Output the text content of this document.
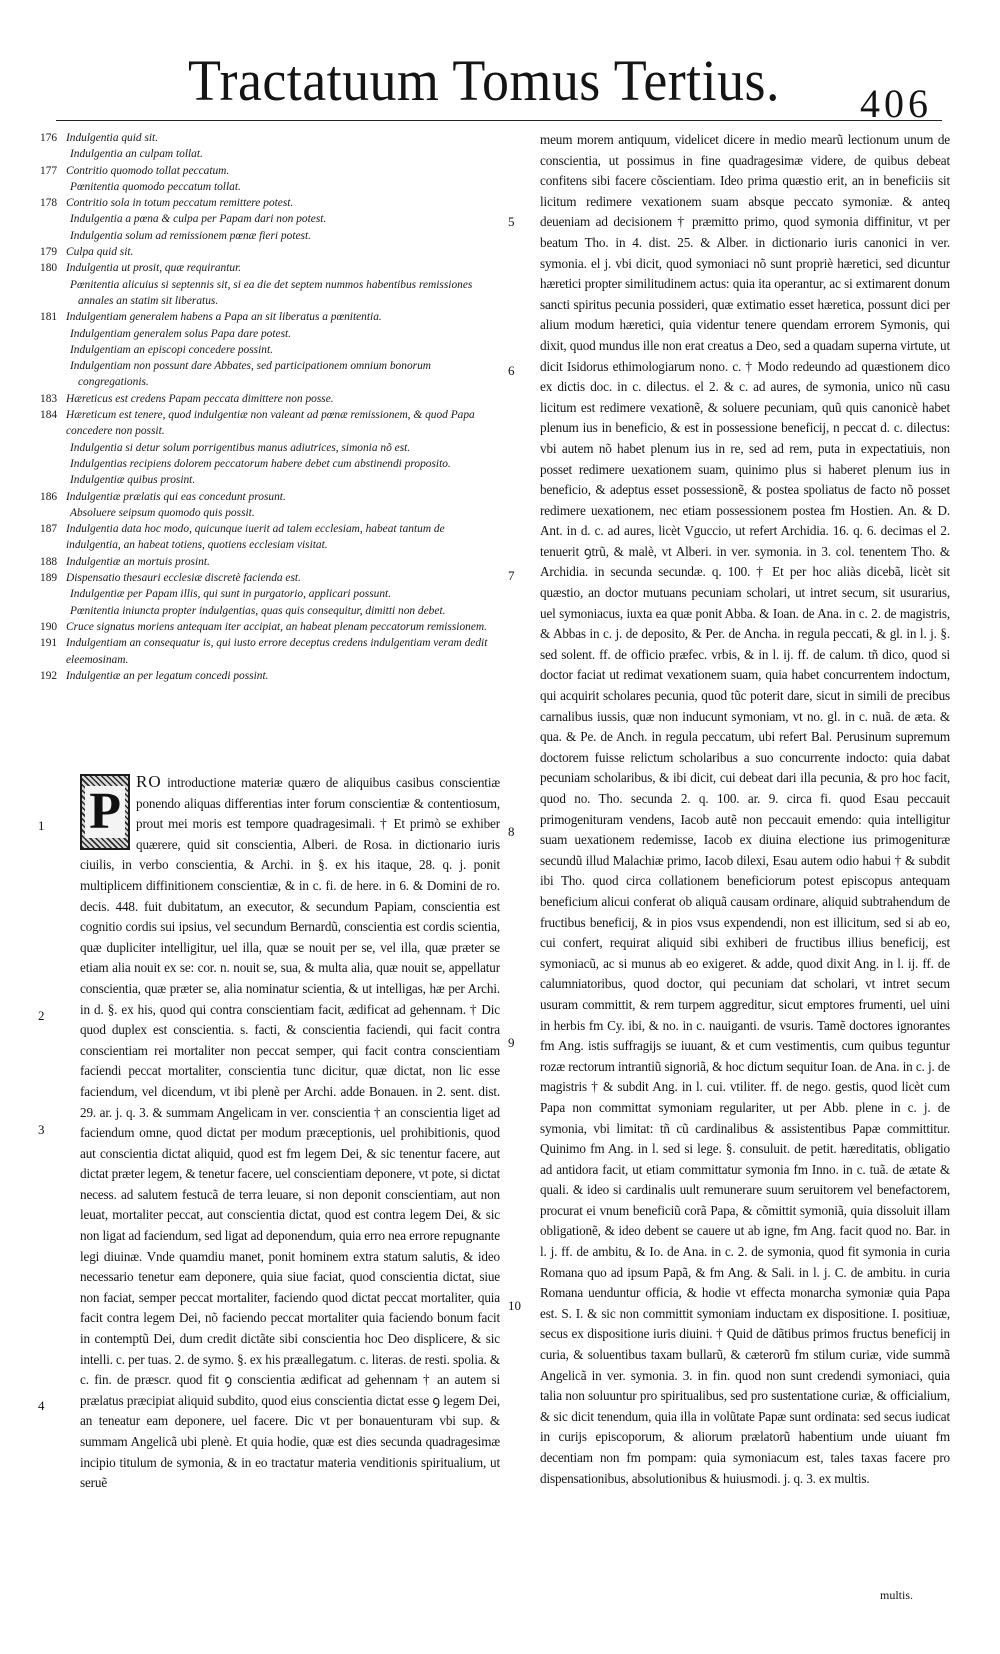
Tractatuum Tomus Tertius. 406
176 Indulgentia quid sit.
Indulgentia an culpam tollat.
177 Contritio quomodo tollat peccatum.
Pœnitentia quomodo peccatum tollat.
178 Contritio sola in totum peccatum remittere potest.
Indulgentia a pœna & culpa per Papam dari non potest.
Indulgentia solum ad remissionem pœnæ fieri potest.
179 Culpa quid sit.
180 Indulgentia ut prosit, quæ requirantur.
Pœnitentia alicuius si septennis sit, si ea die det septem nummos habentibus remissiones annales an statim sit liberatus.
181 Indulgentiam generalem habens a Papa an sit liberatus a pœnitentia.
Indulgentiam generalem solus Papa dare potest.
Indulgentiam an episcopi concedere possint.
Indulgentiam non possunt dare Abbates, sed participationem omnium bonorum congregationis.
183 Hæreticus est credens Papam peccata dimittere non posse.
184 Hæreticum est tenere, quod indulgentiæ non valeant ad pœnæ remissionem, & quod Papa concedere non possit.
Indulgentia si detur solum porrigentibus manus adiutrices, simonia nõ est.
Indulgentias recipiens dolorem peccatorum habere debet cum abstinendi proposito.
Indulgentiæ quibus prosint.
186 Indulgentiæ prælatis qui eas concedunt prosunt.
Absoluere seipsum quomodo quis possit.
187 Indulgentia data hoc modo, quicunque iuerit ad talem ecclesiam, habeat tantum de indulgentia, an habeat totiens, quotiens ecclesiam visitat.
188 Indulgentiæ an mortuis prosint.
189 Dispensatio thesauri ecclesiæ discretè facienda est.
Indulgentiæ per Papam illis, qui sunt in purgatorio, applicari possunt.
Pœnitentia iniuncta propter indulgentias, quas quis consequitur, dimitti non debet.
190 Cruce signatus moriens antequam iter accipiat, an habeat plenam peccatorum remissionem.
191 Indulgentiam an consequatur is, qui iusto errore deceptus credens indulgentiam veram dedit eleemosinam.
192 Indulgentiæ an per legatum concedi possint.

P
RO introductione materiæ quæro de aliquibus casibus conscientiæ ponendo aliquas differentias inter forum conscientiæ & contentiosum, prout mei moris est tempore quadragesimali. † Et primò se exhiber quærere, quid sit conscientia, Alberi. de Rosa. in dictionario iuris ciuilis, in verbo conscientia, & Archi. in §. ex his itaque, 28. q. j. ponit multiplicem diffinitionem conscientiæ, & in c. fi. de here. in 6. & Domini de ro. decis. 448. fuit dubitatum, an executor, & secundum Papiam, conscientia est cognitio cordis sui ipsius, vel secundum Bernardũ, conscientia est cordis scientia, quæ dupliciter intelligitur, uel illa, quæ se nouit per se, vel illa, quæ præter se etiam alia nouit ex se: cor. n. nouit se, sua, & multa alia, quæ nouit se, appellatur conscientia, quæ præter se, alia nominatur scientia, & ut intelligas, hæ per Archi. in d. §. ex his, quod qui contra conscientiam facit, ædificat ad gehennam. † Dic quod duplex est conscientia. s. facti, & conscientia faciendi, qui facit contra conscientiam rei mortaliter non peccat semper, qui facit contra conscientiam faciendi peccat mortaliter, conscientia tunc dicitur, quæ dictat, non lic esse faciendum, vel dicendum, vt ibi plenè per Archi. adde Bonauen. in 2. sent. dist. 29. ar. j. q. 3. & summam Angelicam in ver. conscientia † an conscientia liget ad faciendum omne, quod dictat per modum præceptionis, uel prohibitionis, quod aut conscientia dictat aliquid, quod est fm legem Dei, & sic tenentur facere, aut dictat præter legem, & tenetur facere, uel conscientiam deponere, vt pote, si dictat necess. ad salutem festucã de terra leuare, si non deponit conscientiam, aut non leuat, mortaliter peccat, aut conscientia dictat, quod est contra legem Dei, & sic non ligat ad faciendum, sed ligat ad deponendum, quia erro nea errore repugnante legi diuinæ. Vnde quamdiu manet, ponit hominem extra statum salutis, & ideo necessario tenetur eam deponere, quia siue faciat, quod conscientia dictat, siue non faciat, semper peccat mortaliter, faciendo quod dictat peccat mortaliter, quia facit contra legem Dei, nõ faciendo peccat mortaliter quia faciendo bonum facit in contemptũ Dei, dum credit dictãte sibi conscientia hoc Deo displicere, & sic intelli. c. per tuas. 2. de symo. §. ex his præallegatum. c. literas. de resti. spolia. & c. fin. de præscr. quod fit ꝯ conscientia ædificat ad gehennam † an autem si prælatus præcipiat aliquid subdito, quod eius conscientia dictat esse ꝯ legem Dei, an teneatur eam deponere, uel facere. Dic vt per bonauenturam vbi sup. & summam Angelicã ubi plenè. Et quia hodie, quæ est dies secunda quadragesimæ incipio titulum de symonia, & in eo tractatur materia venditionis spiritualium, ut seruẽ

meum morem antiquum, videlicet dicere in medio mearũ lectionum unum de conscientia, ut possimus in fine quadragesimæ videre, de quibus debeat confitens sibi facere cõscientiam. Ideo prima quæstio erit, an in beneficiis sit licitum redimere vexationem suam absque peccato symoniæ. & anteq deueniam ad decisionem † præmitto primo, quod symonia diffinitur, vt per beatum Tho. in 4. dist. 25. & Alber. in dictionario iuris canonici in ver. symonia. el j. vbi dicit, quod symoniaci nõ sunt propriè hæretici, sed dicuntur hæretici propter similitudinem actus: quia ita operantur, ac si extimarent donum sancti spiritus pecunia possideri, quæ extimatio esset hæretica, possunt dici per alium modum hæretici, quia videntur tenere quendam errorem Symonis, qui dixit, quod mundus ille non erat creatus a Deo, sed a quadam superna virtute, ut dicit Isidorus ethimologiarum nono. c. † Modo redeundo ad quæstionem dico ex dictis doc. in c. dilectus. el 2. & c. ad aures, de symonia, unico nũ casu licitum est redimere vexationẽ, & soluere pecuniam, quũ quis canonicè habet plenum ius in beneficio, & est in possessione beneficij, n peccat d. c. dilectus: vbi autem nõ habet plenum ius in re, sed ad rem, puta in expectatiuis, non posset redimere uexationem suam, quinimo plus si haberet plenum ius in beneficio, & adeptus esset possessionẽ, & postea spoliatus de facto nõ posset redimere uexationem, nec etiam possessionem postea fm Hostien. An. & D. Ant. in d. c. ad aures, licèt Vguccio, ut refert Archidia. 16. q. 6. decimas el 2. tenuerit ꝯtrũ, & malè, vt Alberi. in ver. symonia. in 3. col. tenentem Tho. & Archidia. in secunda secundæ. q. 100. † Et per hoc aliàs dicebã, licèt sit quæstio, an doctor mutuans pecuniam scholari, ut intret secum, sit usurarius, uel symoniacus, iuxta ea quæ ponit Abba. & Ioan. de Ana. in c. 2. de magistris, & Abbas in c. j. de deposito, & Per. de Ancha. in regula peccati, & gl. in l. j. §. sed solent. ff. de officio præfec. vrbis, & in l. ij. ff. de calum. tñ dico, quod si doctor faciat ut redimat vexationem suam, quia habet concurrentem indoctum, qui acquirit scholares pecunia, quod tũc poterit dare, sicut in simili de precibus carnalibus iussis, quæ non inducunt symoniam, vt no. gl. in c. nuã. de æta. & qua. & Pe. de Anch. in regula peccatum, ubi refert Bal. Perusinum supremum doctorem fuisse relictum scholaribus a suo concurrente indocto: quia dabat pecuniam scholaribus, & ibi dicit, cui debeat dari illa pecunia, & pro hoc facit, quod no. Tho. secunda 2. q. 100. ar. 9. circa fi. quod Esau peccauit primogenituram vendens, Iacob autẽ non peccauit emendo: quia intelligitur suam uexationem redemisse, Iacob ex diuina electione ius primogenituræ secundũ illud Malachiæ primo, Iacob dilexi, Esau autem odio habui † & subdit ibi Tho. quod circa collationem beneficiorum potest episcopus antequam beneficium alicui conferat ob aliquã causam ordinare, aliquid subtrahendum de fructibus beneficij, & in pios vsus expendendi, non est illicitum, sed si ab eo, cui confert, requirat aliquid sibi exhiberi de fructibus illius beneficij, est symoniacũ, ac si munus ab eo exigeret. & adde, quod dixit Ang. in l. ij. ff. de calumniatoribus, quod doctor, qui pecuniam dat scholari, vt intret secum usuram committit, & rem turpem aggreditur, sicut emptores frumenti, uel uini in herbis fm Cy. ibi, & no. in c. nauiganti. de vsuris. Tamẽ doctores ignorantes fm Ang. istis suffragijs se iuuant, & et cum vestimentis, cum quibus teguntur rozæ rectorum intrantiũ signoriã, & hoc dictum sequitur Ioan. de Ana. in c. j. de magistris † & subdit Ang. in l. cui. vtiliter. ff. de nego. gestis, quod licèt cum Papa non committat symoniam regulariter, ut per Abb. plene in c. j. de symonia, vbi limitat: tñ cũ cardinalibus & assistentibus Papæ committitur. Quinimo fm Ang. in l. sed si lege. §. consuluit. de petit. hæreditatis, obligatio ad antidora facit, ut etiam committatur symonia fm Inno. in c. tuã. de ætate & quali. & ideo si cardinalis uult remunerare suum seruitorem vel benefactorem, procurat ei vnum beneficiũ corã Papa, & cõmittit symoniã, quia dissoluit illam obligationẽ, & ideo debent se cauere ut ab igne, fm Ang. facit quod no. Bar. in l. j. ff. de ambitu, & Io. de Ana. in c. 2. de symonia, quod fit symonia in curia Romana quo ad ipsum Papã, & fm Ang. & Sali. in l. j. C. de ambitu. in curia Romana uenduntur officia, & hodie vt effecta monarcha symoniæ quia Papa est. S. I. & sic non committit symoniam inductam ex dispositione. I. positiuæ, secus ex dispositione iuris diuini. † Quid de dãtibus primos fructus beneficij in curia, & soluentibus taxam bullarũ, & cæterorũ fm stilum curiæ, vide summã Angelicã in ver. symonia. 3. in fin. quod non sunt credendi symoniaci, quia talia non soluuntur pro spiritualibus, sed pro sustentatione curiæ, & officialium, & sic dicit tenendum, quia illa in volũtate Papæ sunt ordinata: sed secus iudicat in curijs episcoporum, & aliorum prælatorũ habentium unde uiuant fm decentiam non fm pompam: quia symoniacum est, tales taxas facere pro dispensationibus, absolutionibus & huiusmodi. j. q. 3. ex multis.

1
2
3
4
5
6
7
8
9
10
multis.
